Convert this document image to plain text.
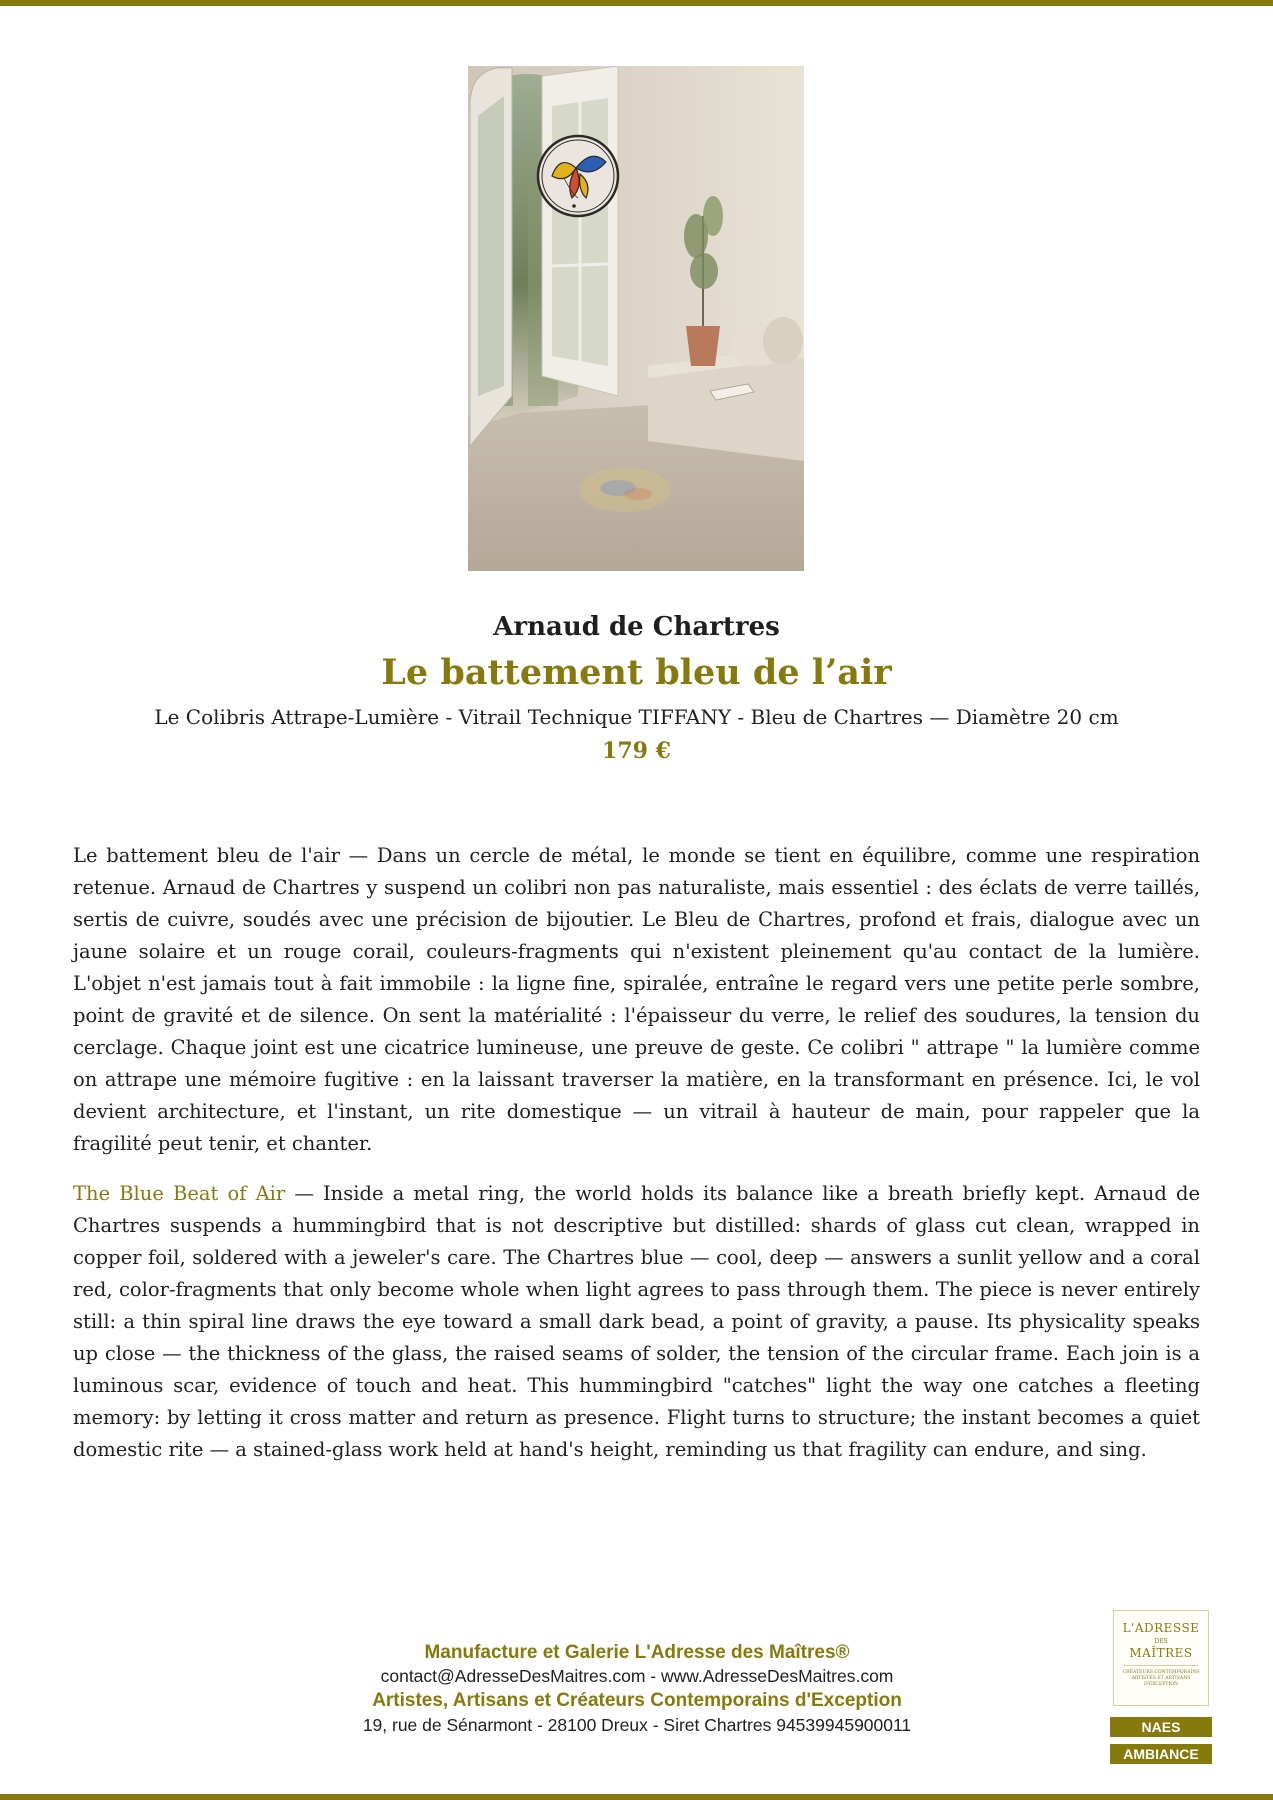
Arnaud de Chartres
Le battement bleu de l’air
Le Colibris Attrape-Lumière - Vitrail Technique TIFFANY - Bleu de Chartres — Diamètre 20 cm
179 €

Le battement bleu de l'air — Dans un cercle de métal, le monde se tient en équilibre, comme une respiration retenue. Arnaud de Chartres y suspend un colibri non pas naturaliste, mais essentiel : des éclats de verre taillés, sertis de cuivre, soudés avec une précision de bijoutier. Le Bleu de Chartres, profond et frais, dialogue avec un jaune solaire et un rouge corail, couleurs-fragments qui n'existent pleinement qu'au contact de la lumière. L'objet n'est jamais tout à fait immobile : la ligne fine, spiralée, entraîne le regard vers une petite perle sombre, point de gravité et de silence. On sent la matérialité : l'épaisseur du verre, le relief des soudures, la tension du cerclage. Chaque joint est une cicatrice lumineuse, une preuve de geste. Ce colibri " attrape " la lumière comme on attrape une mémoire fugitive : en la laissant traverser la matière, en la transformant en présence. Ici, le vol devient architecture, et l'instant, un rite domestique — un vitrail à hauteur de main, pour rappeler que la fragilité peut tenir, et chanter.

The Blue Beat of Air — Inside a metal ring, the world holds its balance like a breath briefly kept. Arnaud de Chartres suspends a hummingbird that is not descriptive but distilled: shards of glass cut clean, wrapped in copper foil, soldered with a jeweler's care. The Chartres blue — cool, deep — answers a sunlit yellow and a coral red, color-fragments that only become whole when light agrees to pass through them. The piece is never entirely still: a thin spiral line draws the eye toward a small dark bead, a point of gravity, a pause. Its physicality speaks up close — the thickness of the glass, the raised seams of solder, the tension of the circular frame. Each join is a luminous scar, evidence of touch and heat. This hummingbird "catches" light the way one catches a fleeting memory: by letting it cross matter and return as presence. Flight turns to structure; the instant becomes a quiet domestic rite — a stained-glass work held at hand's height, reminding us that fragility can endure, and sing.

Manufacture et Galerie L'Adresse des Maîtres®
contact@AdresseDesMaitres.com - www.AdresseDesMaitres.com
Artistes, Artisans et Créateurs Contemporains d'Exception
19, rue de Sénarmont - 28100 Dreux - Siret Chartres 94539945900011
L'ADRESSE
DES
MAÎTRES
CRÉATEURS CONTEMPORAINS ARTISTES ET ARTISANS D'EXCEPTION
NAES
AMBIANCE
